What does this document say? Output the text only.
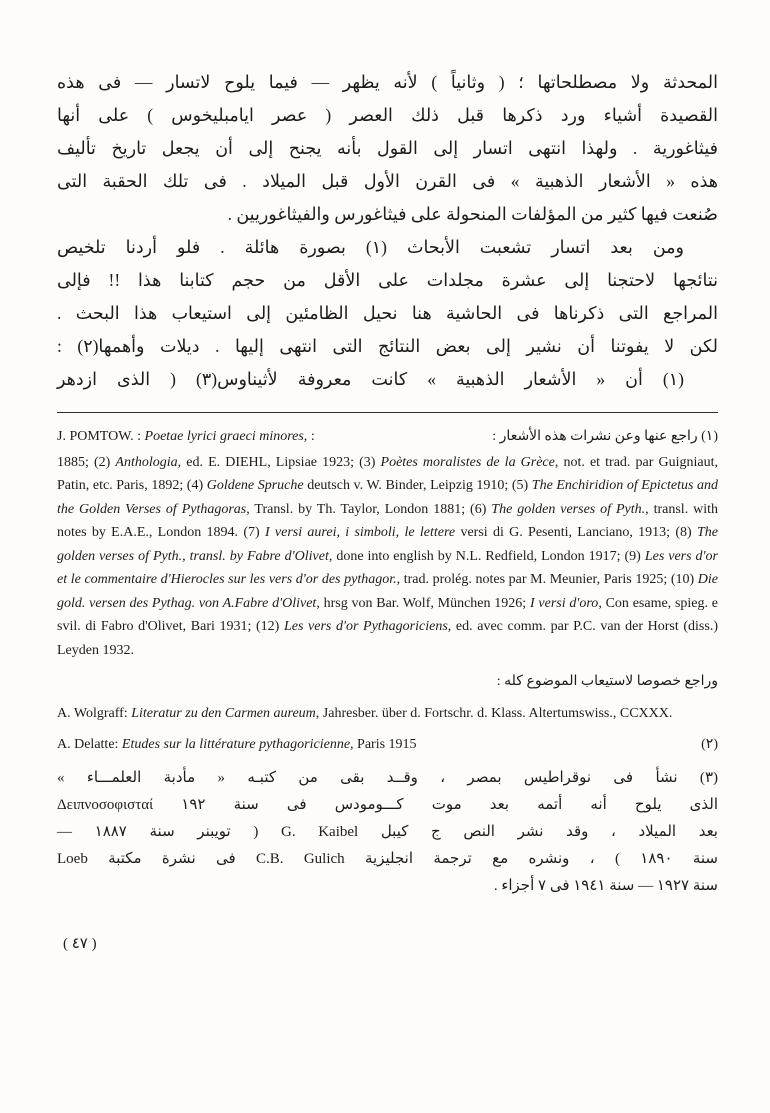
المحدثة ولا مصطلحاتها ؛ ( وثانياً ) لأنه يظهر — فيما يلوح لاتسار — فى هذه
القصيدة أشياء ورد ذكرها قبل ذلك العصر ( عصر ايامبليخوس ) على أنها
فيثاغورية . ولهذا انتهى اتسار إلى القول بأنه يجنح إلى أن يجعل تاريخ تأليف
هذه « الأشعار الذهبية » فى القرن الأول قبل الميلاد . فى تلك الحقبة التى
صُنعت فيها كثير من المؤلفات المنحولة على فيثاغورس والفيثاغوريين .
ومن بعد اتسار تشعبت الأبحاث (١) بصورة هائلة . فلو أردنا تلخيص
نتائجها لاحتجنا إلى عشرة مجلدات على الأقل من حجم كتابنا هذا !! فإلى
المراجع التى ذكرناها فى الحاشية هنا نحيل الظامئين إلى استيعاب هذا البحث .
لكن لا يفوتنا أن نشير إلى بعض النتائج التى انتهى إليها . ديلات وأهمها(٢) :
(١) أن « الأشعار الذهبية » كانت معروفة لأثيناوس(٣) ( الذى ازدهر
J. POMTOW. : Poetae lyrici graeci minores, :	(١) راجع عنها وعن نشرات هذه الأشعار :
1885; (2) Anthologia, ed. E. DIEHL, Lipsiae 1923; (3) Poètes moralistes de la Grèce, not. et trad. par Guigniaut, Patin, etc. Paris, 1892; (4) Goldene Spruche deutsch v. W. Binder, Leipzig 1910; (5) The Enchiridion of Epictetus and the Golden Verses of Pythagoras, Transl. by Th. Taylor, London 1881; (6) The golden verses of Pyth., transl. with notes by E.A.E., London 1894. (7) I versi aurei, i simboli, le lettere versi di G. Pesenti, Lanciano, 1913; (8) The golden verses of Pyth., transl. by Fabre d'Olivet, done into english by N.L. Redfield, London 1917; (9) Les vers d'or et le commentaire d'Hierocles sur les vers d'or des pythagor., trad. prolég. notes par M. Meunier, Paris 1925; (10) Die gold. versen des Pythag. von A.Fabre d'Olivet, hrsg von Bar. Wolf, München 1926; I versi d'oro, Con esame, spieg. e svil. di Fabro d'Olivet, Bari 1931; (12) Les vers d'or Pythagoriciens, ed. avec comm. par P.C. van der Horst (diss.) Leyden 1932.
وراجع خصوصا لاستيعاب الموضوع كله :
A. Wolgraff: Literatur zu den Carmen aureum, Jahresber. über d. Fortschr. d. Klass. Altertumswiss., CCXXX.
A. Delatte: Etudes sur la littérature pythagoricienne, Paris 1915	(٢)
(٣) نشأ فى نوقراطيس بمصر ، وقــد بقى من كتبـه « مأدبة العلمـــاء »
الذى يلوح أنه أتمه بعد موت كـــومودس فى سنة ١٩٢ Δειπνοσοφισταί
بعد الميلاد ، وقد نشر النص ج كيبل G. Kaibel ( تويبنر سنة ١٨٨٧ —
سنة ١٨٩٠ ) ، ونشره مع ترجمة انجليزية C.B. Gulich فى نشرة مكتبة Loeb
سنة ١٩٢٧ — سنة ١٩٤١ فى ٧ أجزاء .
( ٤٧ )
